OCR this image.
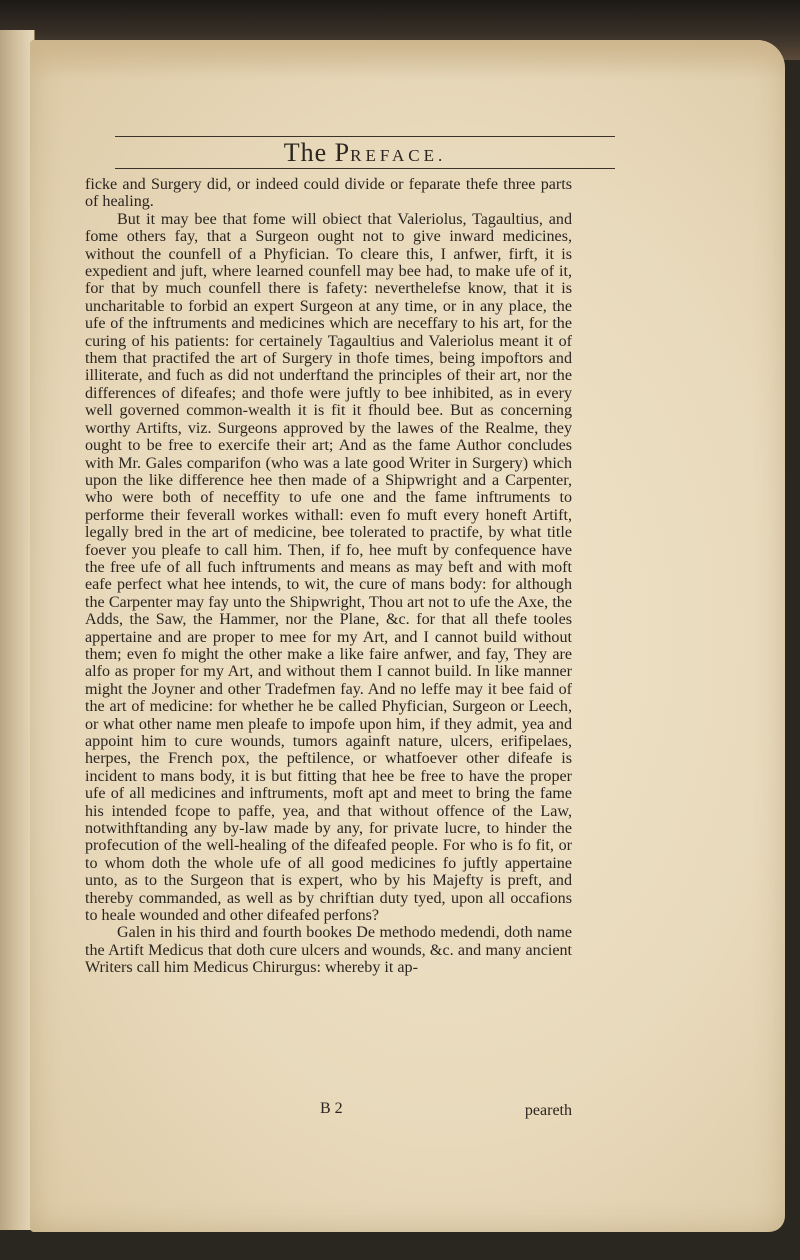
The PREFACE.

ficke and Surgery did, or indeed could divide or feparate thefe three parts of healing.

But it may bee that fome will obiect that Valeriolus, Tagaultius, and fome others fay, that a Surgeon ought not to give inward medicines, without the counfell of a Phyfician. To cleare this, I anfwer, firft, it is expedient and juft, where learned counfell may bee had, to make ufe of it, for that by much counfell there is fafety: neverthelefse know, that it is uncharitable to forbid an expert Surgeon at any time, or in any place, the ufe of the inftruments and medicines which are neceffary to his art, for the curing of his patients: for certainely Tagaultius and Valeriolus meant it of them that practifed the art of Surgery in thofe times, being impoftors and illiterate, and fuch as did not underftand the principles of their art, nor the differences of difeafes; and thofe were juftly to bee inhibited, as in every well governed common-wealth it is fit it fhould bee. But as concerning worthy Artifts, viz. Surgeons approved by the lawes of the Realme, they ought to be free to exercife their art; And as the fame Author concludes with Mr. Gales comparifon (who was a late good Writer in Surgery) which upon the like difference hee then made of a Shipwright and a Carpenter, who were both of neceffity to ufe one and the fame inftruments to performe their feverall workes withall: even fo muft every honeft Artift, legally bred in the art of medicine, bee tolerated to practife, by what title foever you pleafe to call him. Then, if fo, hee muft by confequence have the free ufe of all fuch inftruments and means as may beft and with moft eafe perfect what hee intends, to wit, the cure of mans body: for although the Carpenter may fay unto the Shipwright, Thou art not to ufe the Axe, the Adds, the Saw, the Hammer, nor the Plane, &c. for that all thefe tooles appertaine and are proper to mee for my Art, and I cannot build without them; even fo might the other make a like faire anfwer, and fay, They are alfo as proper for my Art, and without them I cannot build. In like manner might the Joyner and other Tradefmen fay. And no leffe may it bee faid of the art of medicine: for whether he be called Phyfician, Surgeon or Leech, or what other name men pleafe to impofe upon him, if they admit, yea and appoint him to cure wounds, tumors againft nature, ulcers, erifipelaes, herpes, the French pox, the peftilence, or whatfoever other difeafe is incident to mans body, it is but fitting that hee be free to have the proper ufe of all medicines and inftruments, moft apt and meet to bring the fame his intended fcope to paffe, yea, and that without offence of the Law, notwithftanding any by-law made by any, for private lucre, to hinder the profecution of the well-healing of the difeafed people. For who is fo fit, or to whom doth the whole ufe of all good medicines fo juftly appertaine unto, as to the Surgeon that is expert, who by his Majefty is preft, and thereby commanded, as well as by chriftian duty tyed, upon all occafions to heale wounded and other difeafed perfons?

Galen in his third and fourth bookes De methodo medendi, doth name the Artift Medicus that doth cure ulcers and wounds, &c. and many ancient Writers call him Medicus Chirurgus: whereby it ap-

B 2	peareth
